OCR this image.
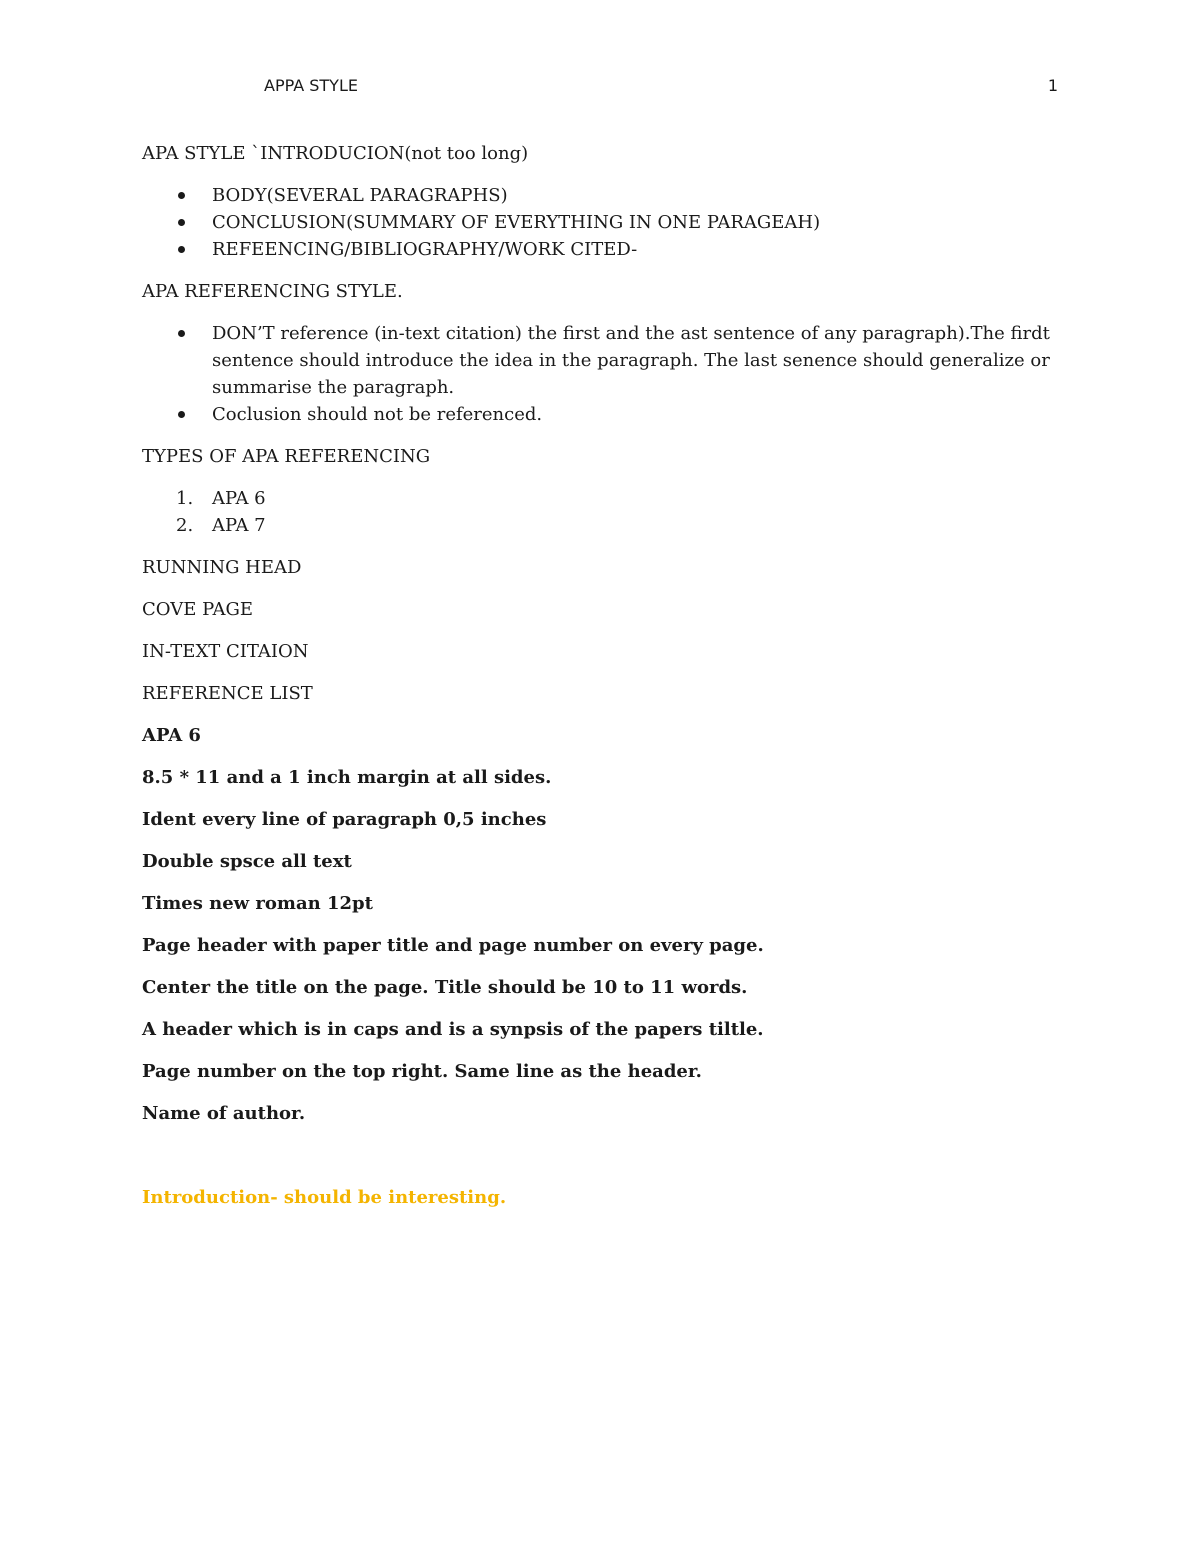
APPA STYLE	1

APA STYLE `INTRODUCION(not too long)

BODY(SEVERAL PARAGRAPHS)
CONCLUSION(SUMMARY OF EVERYTHING IN ONE PARAGEAH)
REFEENCING/BIBLIOGRAPHY/WORK CITED-

APA REFERENCING STYLE.

DON’T reference (in-text citation) the first and the ast sentence of any paragraph).The firdt sentence should introduce the idea in the paragraph. The last senence should generalize or summarise the paragraph.
Coclusion should not be referenced.

TYPES OF APA REFERENCING

1. APA 6
2. APA 7

RUNNING HEAD

COVE PAGE

IN-TEXT CITAION

REFERENCE LIST

APA 6

8.5 * 11 and a 1 inch margin at all sides.

Ident every line of paragraph 0,5 inches

Double spsce all text

Times new roman 12pt

Page header with paper title and page number on every page.

Center the title on the page. Title should be 10 to 11 words.

A header which is in caps and is a synpsis of the papers tiltle.

Page number on the top right. Same line as the header.

Name of author.

Introduction- should be interesting.
